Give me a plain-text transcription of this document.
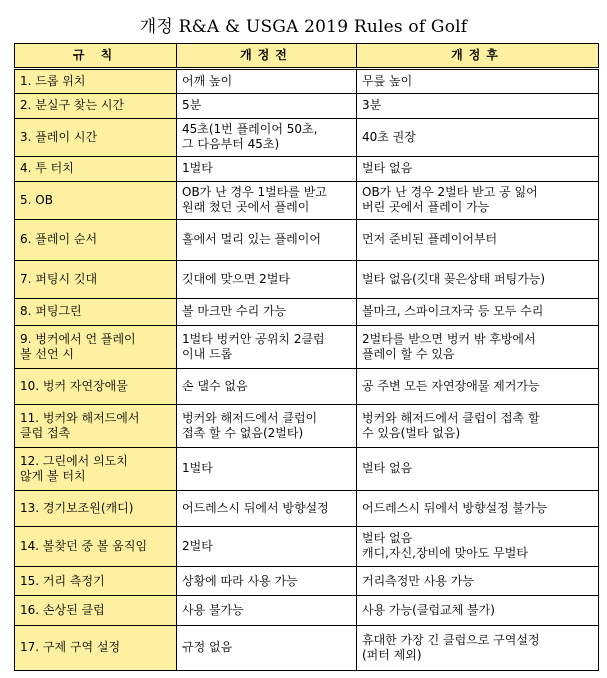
개정 R&A & USGA 2019 Rules of Golf
규 칙	개정전	개정후

1. 드롭 위치	어깨 높이	무릎 높이

2. 분실구 찾는 시간	5분	3분

3. 플레이 시간	45초(1번 플레이어 50초,
그 다음부터 45초)	40초 권장

4. 투 터치	1벌타	벌타 없음

5. OB	OB가 난 경우 1벌타를 받고
원래 쳤던 곳에서 플레이	OB가 난 경우 2벌타 받고 공 잃어
버린 곳에서 플레이 가능

6. 플레이 순서	홀에서 멀리 있는 플레이어	먼저 준비된 플레이어부터

7. 퍼팅시 깃대	깃대에 맞으면 2벌타	벌타 없음(깃대 꽂은상태 퍼팅가능)

8. 퍼팅그린	볼 마크만 수리 가능	볼마크, 스파이크자국 등 모두 수리

9. 벙커에서 언 플레이
볼 선언 시	1벌타 벙커안 공위치 2클럽
이내 드롭	2벌타를 받으면 벙커 밖 후방에서
플레이 할 수 있음

10. 벙커 자연장애물	손 댈수 없음	공 주변 모든 자연장애물 제거가능

11. 벙커와 해저드에서
클럽 접촉	벙커와 해저드에서 클럽이
접촉 할 수 없음(2벌타)	벙커와 해저드에서 클럽이 접촉 할
수 있음(벌타 없음)

12. 그린에서 의도치
않게 볼 터치	1벌타	벌타 없음

13. 경기보조원(캐디)	어드레스시 뒤에서 방향설정	어드레스시 뒤에서 방향설정 불가능

14. 볼찾던 중 볼 움직임	2벌타	벌타 없음
캐디,자신,장비에 맞아도 무벌타

15. 거리 측정기	상황에 따라 사용 가능	거리측정만 사용 가능

16. 손상된 클럽	사용 불가능	사용 가능(클럽교체 불가)

17. 구제 구역 설정	규정 없음	휴대한 가장 긴 클럽으로 구역설정
(퍼터 제외)
